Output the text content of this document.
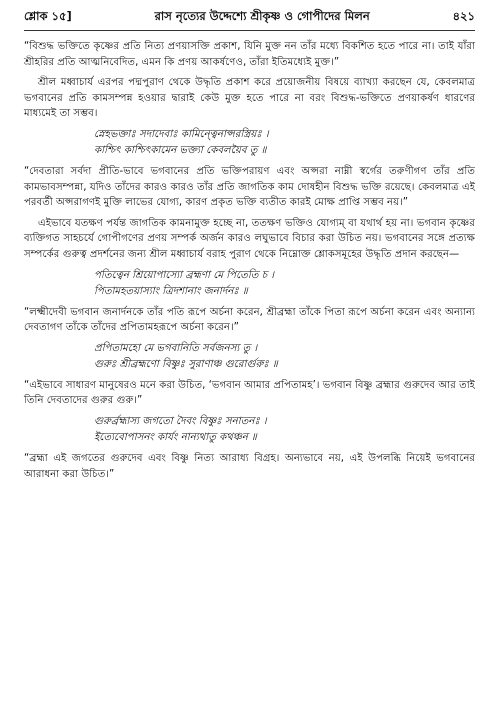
শ্লোক ১৫]	রাস নৃত্যের উদ্দেশ্যে শ্রীকৃষ্ণ ও গোপীদের মিলন	৪২১

“বিশুদ্ধ ভক্তিতে কৃষ্ণের প্রতি নিত্য প্রণয়াসক্তি প্রকাশ, যিনি মুক্ত নন তাঁর মধ্যে বিকশিত হতে পারে না। তাই যাঁরা শ্রীহরির প্রতি আত্মনিবেদিত, এমন কি প্রণয় আকর্ষণেও, তাঁরা ইতিমধ্যেই মুক্ত।”

শ্রীল মধ্বাচার্য এরপর পদ্মপুরাণ থেকে উদ্ধৃতি প্রকাশ করে প্রয়োজনীয় বিষয়ে ব্যাখ্যা করছেন যে, কেবলমাত্র ভগবানের প্রতি কামসম্পন্ন হওয়ার দ্বারাই কেউ মুক্ত হতে পারে না বরং বিশুদ্ধ-ভক্তিতে প্রণয়াকর্ষণ ধারণের মাধ্যমেই তা সম্ভব।

স্নেহভক্তাঃ সদাদেবাঃ কামিন্ত্বেনাপ্সরস্ত্রিয়ঃ ।
কাশ্চিৎ কাশ্চিৎকামেন ভক্ত্যা কেবলয়ৈব তু ॥

“দেবতারা সর্বদা প্রীতি-ভাবে ভগবানের প্রতি ভক্তিপরায়ণ এবং অপ্সরা নাম্নী স্বর্গের তরুণীগণ তাঁর প্রতি কামভাবসম্পন্না, যদিও তাঁদের কারও কারও তাঁর প্রতি জাগতিক কাম দোষহীন বিশুদ্ধ ভক্তি রয়েছে। কেবলমাত্র এই পরবর্তী অপ্সরাগণই মুক্তি লাভের যোগ্য, কারণ প্রকৃত ভক্তি ব্যতীত কারই মোক্ষ প্রাপ্তি সম্ভব নয়।”

এইভাবে যতক্ষণ পর্যন্ত জাগতিক কামনামুক্ত হচ্ছে না, ততক্ষণ ভক্তিও যোগ্যম্ বা যথার্থ হয় না। ভগবান কৃষ্ণের ব্যক্তিগত সাহচর্যে গোপীগণের প্রণয় সম্পর্ক অর্জন কারও লঘুভাবে বিচার করা উচিত নয়। ভগবানের সঙ্গে প্রত্যক্ষ সম্পর্কের গুরুত্ব প্রদর্শনের জন্য শ্রীল মধ্বাচার্য বরাহ পুরাণ থেকে নিম্নোক্ত শ্লোকসমূহের উদ্ধৃতি প্রদান করছেন—

পতিত্বেন শ্রিয়োপাস্যো ব্রহ্মণা মে পিতেতি চ ।
পিতামহতয়াস্যাং ত্রিদশানাং জনার্দনঃ ॥

“লক্ষ্মীদেবী ভগবান জনার্দনকে তাঁর পতি রূপে অর্চনা করেন, শ্রীব্রহ্মা তাঁকে পিতা রূপে অর্চনা করেন এবং অন্যান্য দেবতাগণ তাঁকে তাঁদের প্রপিতামহরূপে অর্চনা করেন।”

প্রপিতামহো মে ভগবানিতি সর্বজনস্য তু ।
গুরুঃ শ্রীব্রহ্মণো বিষ্ণুঃ সুরাণাঞ্চ গুরোর্গুরুঃ ॥

“এইভাবে সাধারণ মানুষেরও মনে করা উচিত, ‘ভগবান আমার প্রপিতামহ’। ভগবান বিষ্ণু ব্রহ্মার গুরুদেব আর তাই তিনি দেবতাদের গুরুর গুরু।”

গুরুর্ব্রহ্মাস্য জগতো দৈবং বিষ্ণুঃ সনাতনঃ ।
ইত্যেবোপাসনং কার্যং নান্যথাতু কথঞ্চন ॥

“ব্রহ্মা এই জগতের গুরুদেব এবং বিষ্ণু নিত্য আরাধ্য বিগ্রহ। অন্যভাবে নয়, এই উপলব্ধি নিয়েই ভগবানের আরাধনা করা উচিত।”
